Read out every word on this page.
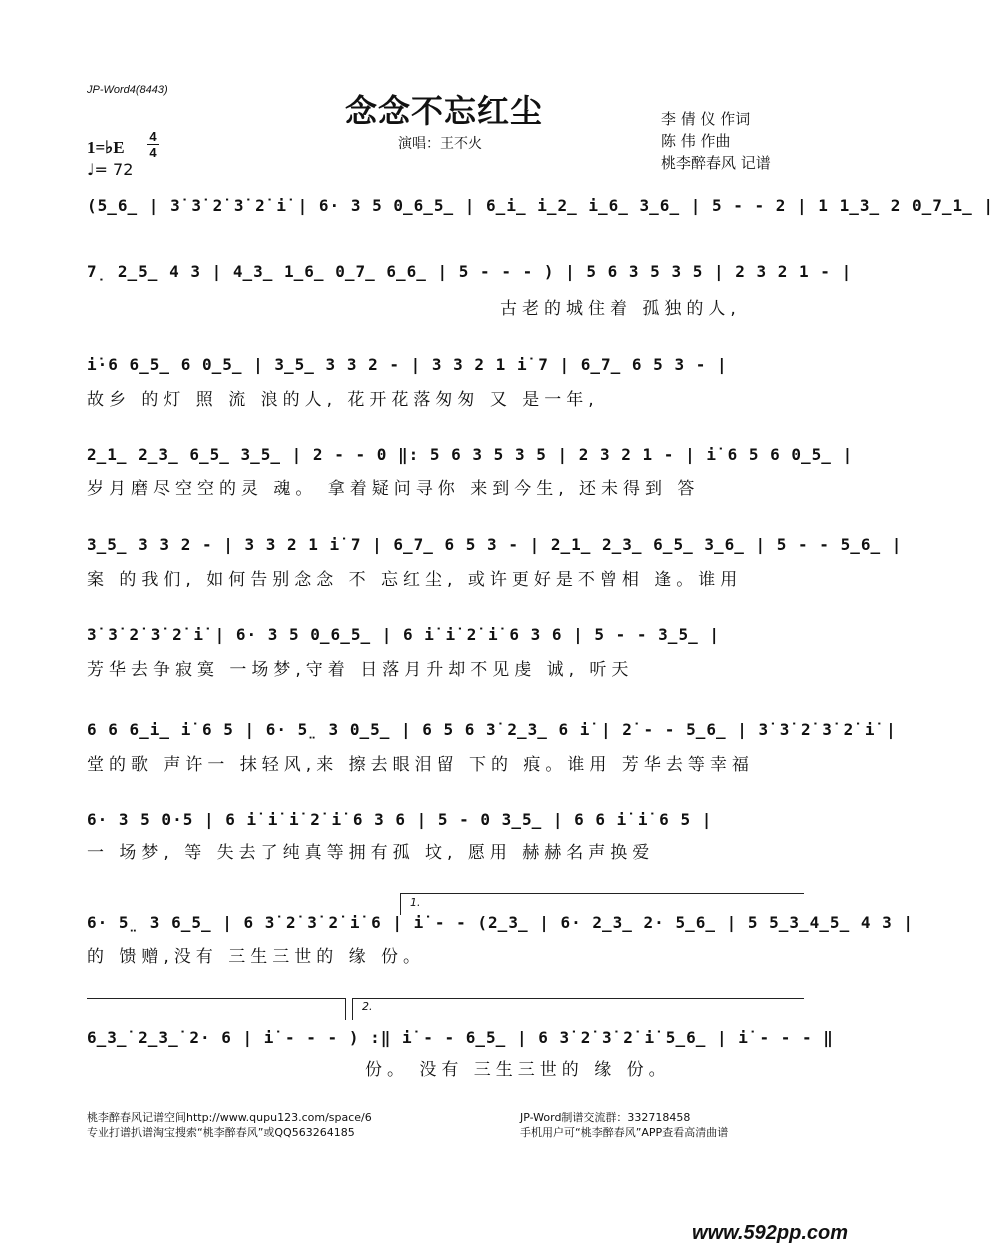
JP-Word4(8443)
念念不忘红尘
演唱：王不火
李 倩 仪 作词
陈 伟 作曲
桃李醉春风 记谱
1=♭E
4
4
♩= 72
(5̲6̲ | 3̇ 3̇ 2̇ 3̇ 2̇ i̇ | 6· 3 5 0̲6̲5̲ | 6̲i̲ i̲2̲ i̲6̲ 3̲6̲ | 5 - - 2 | 1 1̲3̲ 2 0̲7̲1̲ |
7̣ 2̲5̲ 4 3 | 4̲3̲ 1̲6̲ 0̲7̲ 6̲6̲ | 5 - - - ) | 5 6 3 5 3 5 | 2 3 2 1 - |
古老的城住着 孤独的人,
i̇·6 6̲5̲ 6 0̲5̲ | 3̲5̲ 3 3 2 - | 3 3 2 1 i̇ 7 | 6̲7̲ 6 5 3 - |
故乡 的灯 照 流 浪的人, 花开花落匆匆 又 是一年,
2̲1̲ 2̲3̲ 6̲5̲ 3̲5̲ | 2 - - 0 ‖: 5 6 3 5 3 5 | 2 3 2 1 - | i̇ 6 5 6 0̲5̲ |
岁月磨尽空空的灵 魂。 拿着疑问寻你 来到今生, 还未得到 答
3̲5̲ 3 3 2 - | 3 3 2 1 i̇ 7 | 6̲7̲ 6 5 3 - | 2̲1̲ 2̲3̲ 6̲5̲ 3̲6̲ | 5 - - 5̲6̲ |
案 的我们, 如何告别念念 不 忘红尘, 或许更好是不曾相 逢。谁用
3̇ 3̇ 2̇ 3̇ 2̇ i̇ | 6· 3 5 0̲6̲5̲ | 6 i̇ i̇ 2̇ i̇ 6 3 6 | 5 - - 3̲5̲ |
芳华去争寂寞 一场梦,守着 日落月升却不见虔 诚, 听天
6 6 6̲i̲ i̇ 6 5 | 6· 5̤ 3 0̲5̲ | 6 5 6 3̇ 2̲3̲ 6 i̇ | 2̇ - - 5̲6̲ | 3̇ 3̇ 2̇ 3̇ 2̇ i̇ |
堂的歌 声许一 抹轻风,来 擦去眼泪留 下的 痕。谁用 芳华去等幸福
6· 3 5 0·5 | 6 i̇ i̇ i̇ 2̇ i̇ 6 3 6 | 5 - 0 3̲5̲ | 6 6 i̇ i̇ 6 5 |
一 场梦, 等 失去了纯真等拥有孤 坟, 愿用 赫赫名声换爱
1.
6· 5̤ 3 6̲5̲ | 6 3̇ 2̇ 3̇ 2̇ i̇ 6 | i̇ - - (2̲3̲ | 6· 2̲3̲ 2· 5̲6̲ | 5 5̲3̲4̲5̲ 4 3 |
的 馈赠,没有 三生三世的 缘 份。
2.
6̲3̲̇ 2̲3̲̇ 2· 6 | i̇ - - - ) :‖ i̇ - - 6̲5̲ | 6 3̇ 2̇ 3̇ 2̇ i̇ 5̲6̲ | i̇ - - - ‖
份。 没有 三生三世的 缘 份。
桃李醉春风记谱空间http://www.qupu123.com/space/6
专业打谱扒谱淘宝搜索“桃李醉春风”或QQ563264185
JP-Word制谱交流群：332718458
手机用户可“桃李醉春风”APP查看高清曲谱
www.592pp.com
